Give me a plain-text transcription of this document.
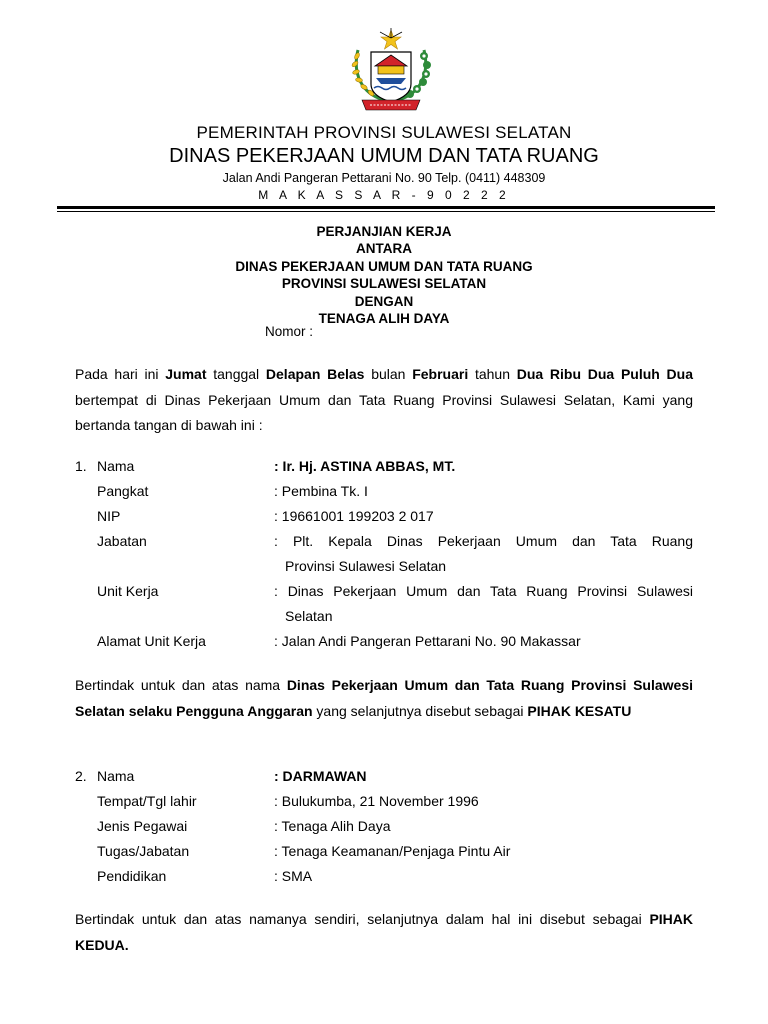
PEMERINTAH PROVINSI SULAWESI SELATAN
DINAS PEKERJAAN UMUM DAN TATA RUANG
Jalan Andi Pangeran Pettarani No. 90 Telp. (0411) 448309
M A K A S S A R - 9 0 2 2 2
PERJANJIAN KERJA
ANTARA
DINAS PEKERJAAN UMUM DAN TATA RUANG
PROVINSI SULAWESI SELATAN
DENGAN
TENAGA ALIH DAYA
Nomor :
Pada hari ini Jumat tanggal Delapan Belas bulan Februari tahun Dua Ribu Dua Puluh Dua bertempat di Dinas Pekerjaan Umum dan Tata Ruang Provinsi Sulawesi Selatan, Kami yang bertanda tangan di bawah ini :
1. Nama	: Ir. Hj. ASTINA ABBAS, MT.
Pangkat	: Pembina Tk. I
NIP	: 19661001 199203 2 017
Jabatan	: Plt. Kepala Dinas Pekerjaan Umum dan Tata Ruang
Provinsi Sulawesi Selatan
Unit Kerja	: Dinas Pekerjaan Umum dan Tata Ruang Provinsi Sulawesi
Selatan
Alamat Unit Kerja	: Jalan Andi Pangeran Pettarani No. 90 Makassar
Bertindak untuk dan atas nama Dinas Pekerjaan Umum dan Tata Ruang Provinsi Sulawesi Selatan selaku Pengguna Anggaran yang selanjutnya disebut sebagai PIHAK KESATU
2. Nama	: DARMAWAN
Tempat/Tgl lahir	: Bulukumba, 21 November 1996
Jenis Pegawai	: Tenaga Alih Daya
Tugas/Jabatan	: Tenaga Keamanan/Penjaga Pintu Air
Pendidikan	: SMA
Bertindak untuk dan atas namanya sendiri, selanjutnya dalam hal ini disebut sebagai PIHAK KEDUA.
